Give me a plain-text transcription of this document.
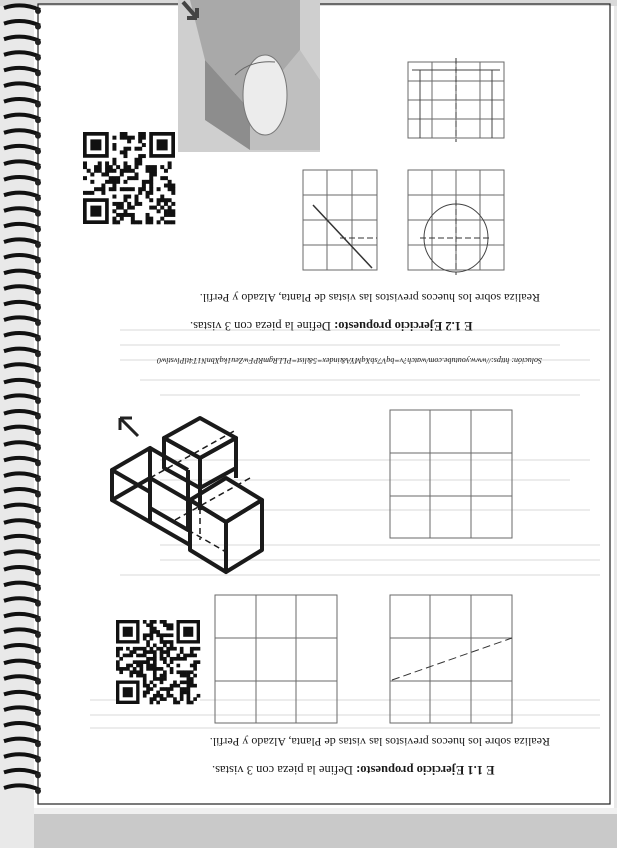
Solución: https://www.youtube.com/watch?v=bqV7sbXqMYA&index=5&list=PLLRgmRPFwZeu1kqXbnN1T4tlPlvstlw0
E 1.2 Ejercicio propuesto: Define la pieza con 3 vistas.
Realiza sobre los huecos previstos las vistas de Planta, Alzado y Perfil.
E 1.1 Ejercicio propuesto: Define la pieza con 3 vistas.
Realiza sobre los huecos previstos las vistas de Planta, Alzado y Perfil.
